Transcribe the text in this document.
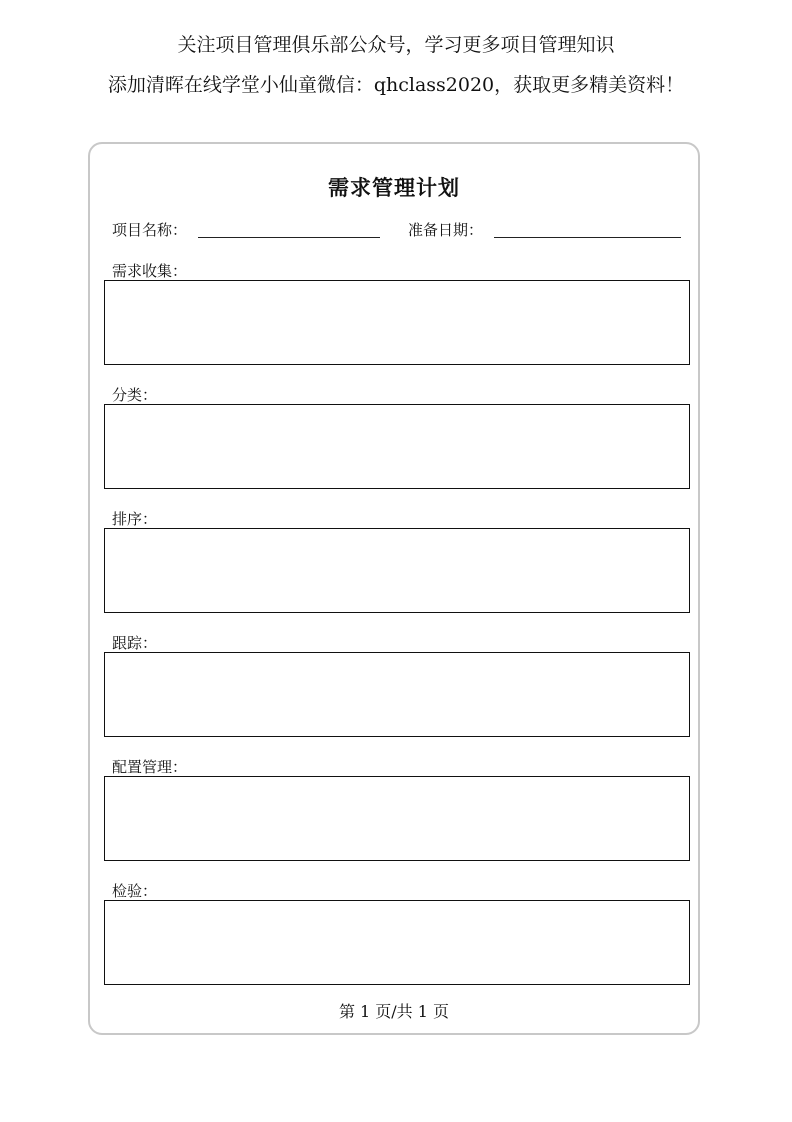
关注项目管理俱乐部公众号，学习更多项目管理知识
添加清晖在线学堂小仙童微信：qhclass2020，获取更多精美资料！
需求管理计划
项目名称：	准备日期：
需求收集：
分类：
排序：
跟踪：
配置管理：
检验：
第 1 页/共 1 页
